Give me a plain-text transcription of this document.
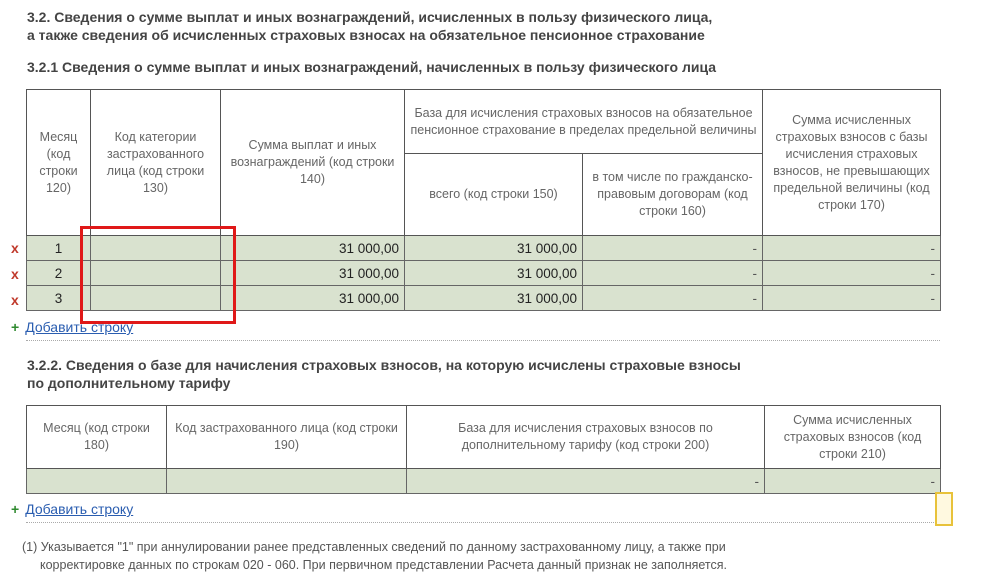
3.2. Сведения о сумме выплат и иных вознаграждений, исчисленных в пользу физического лица,
а также сведения об исчисленных страховых взносах на обязательное пенсионное страхование
3.2.1 Сведения о сумме выплат и иных вознаграждений, начисленных в пользу физического лица
Месяц (код строки 120)	Код категории застрахованного лица (код строки 130)	Сумма выплат и иных вознаграждений (код строки 140)	База для исчисления страховых взносов на обязательное пенсионное страхование в пределах предельной величины		Сумма исчисленных страховых взносов с базы исчисления страховых взносов, не превышающих предельной величины (код строки 170)
			всего (код строки 150)	в том числе по гражданско-правовым договорам (код строки 160)	
1		31 000,00	31 000,00	-	-
2		31 000,00	31 000,00	-	-
3		31 000,00	31 000,00	-	-
x
x
x
+ Добавить строку
3.2.2. Сведения о базе для начисления страховых взносов, на которую исчислены страховые взносы
по дополнительному тарифу
Месяц (код строки 180)	Код застрахованного лица (код строки 190)	База для исчисления страховых взносов по дополнительному тарифу (код строки 200)	Сумма исчисленных страховых взносов (код строки 210)
		-	-
+ Добавить строку
(1) Указывается "1" при аннулировании ранее представленных сведений по данному застрахованному лицу, а также при
корректировке данных по строкам 020 - 060. При первичном представлении Расчета данный признак не заполняется.
